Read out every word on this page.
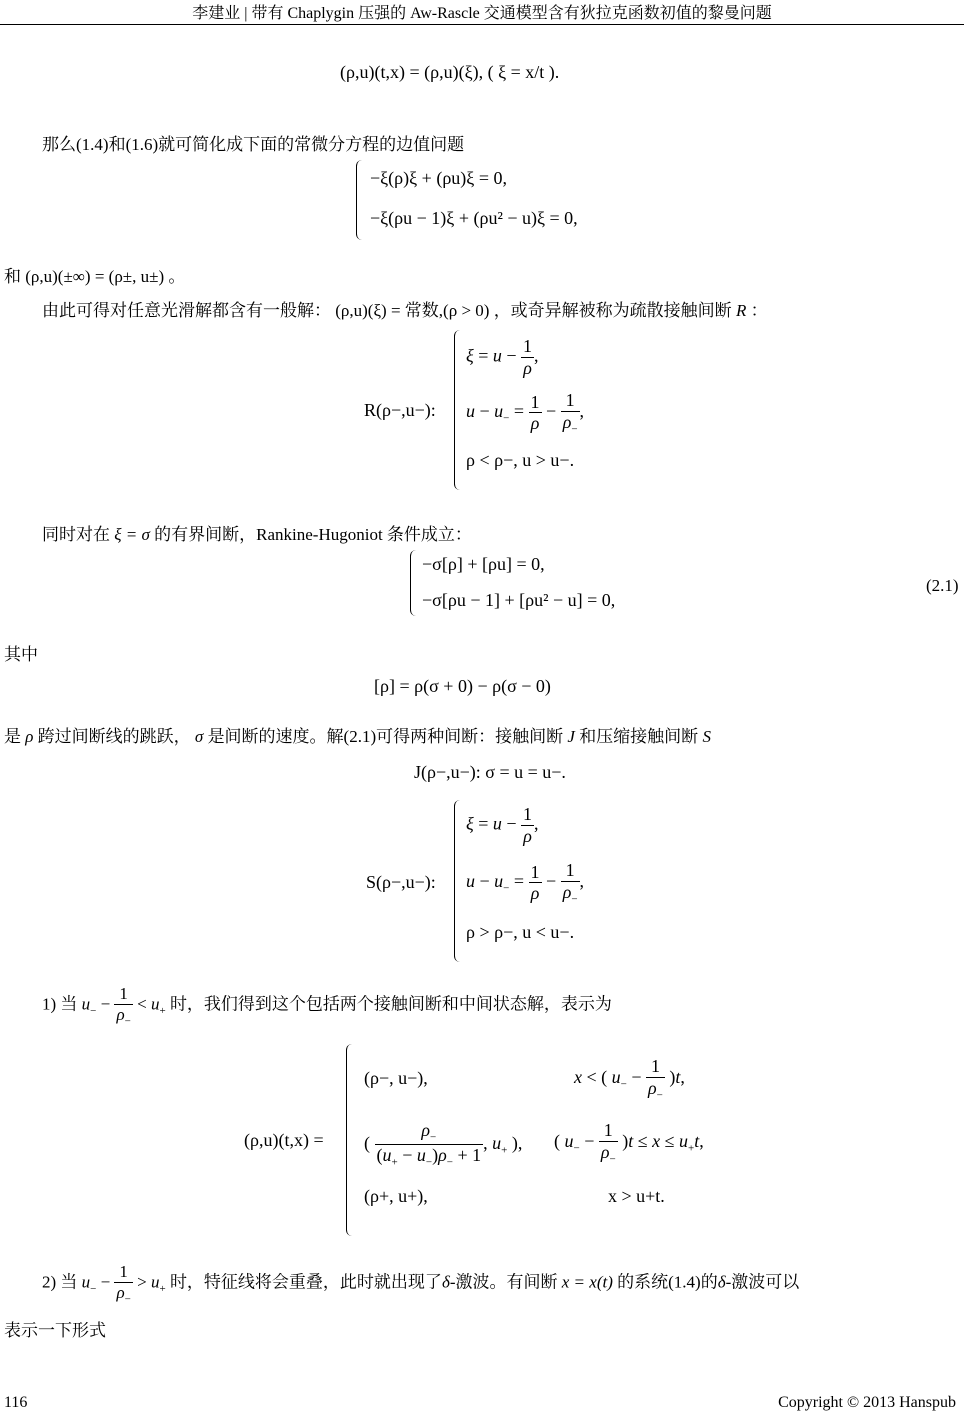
李建业 | 带有 Chaplygin 压强的 Aw-Rascle 交通模型含有狄拉克函数初值的黎曼问题
(ρ,u)(t,x) = (ρ,u)(ξ), ( ξ = x/t ).
那么(1.4)和(1.6)就可简化成下面的常微分方程的边值问题
−ξ(ρ)ξ + (ρu)ξ = 0,
−ξ(ρu − 1)ξ + (ρu² − u)ξ = 0,
和 (ρ,u)(±∞) = (ρ±, u±) 。
由此可得对任意光滑解都含有一般解： (ρ,u)(ξ) = 常数,(ρ > 0) ，或奇异解被称为疏散接触间断 R ：
R(ρ−,u−):
$\xi = u - \frac{1}{\rho}$ ,
$u - u_- = \frac{1}{\rho} - \frac{1}{\rho_-}$ ,
ρ < ρ−, u > u−.
同时对在 ξ = σ 的有界间断，Rankine-Hugoniot 条件成立：
−σ[ρ] + [ρu] = 0,
−σ[ρu − 1] + [ρu² − u] = 0,
(2.1)
其中
[ρ] = ρ(σ + 0) − ρ(σ − 0)
是 ρ 跨过间断线的跳跃， σ 是间断的速度。解(2.1)可得两种间断：接触间断 J 和压缩接触间断 S
J(ρ−,u−): σ = u = u−.
S(ρ−,u−):
$\xi = u - \frac{1}{\rho}$ ,
$u - u_- = \frac{1}{\rho} - \frac{1}{\rho_-}$ ,
ρ > ρ−, u < u−.
1) 当 $u_- - \frac{1}{\rho_-} < u_+$ 时，我们得到这个包括两个接触间断和中间状态解，表示为
(ρ,u)(t,x) =
(ρ−, u−),	x < ( $u_- - \frac{1}{\rho_-} )t$,
( $\frac{\rho_-}{(u_+ - u_-)\rho_- + 1}$ , $u_+$ ), ( $u_- - \frac{1}{\rho_-} )t \le x \le u_+t$,
(ρ+, u+),	x > u+t.
2) 当 $u_- - \frac{1}{\rho_-} > u_+$ 时，特征线将会重叠，此时就出现了δ-激波。有间断 x = x(t) 的系统(1.4)的δ-激波可以
表示一下形式
116	Copyright © 2013 Hanspub
